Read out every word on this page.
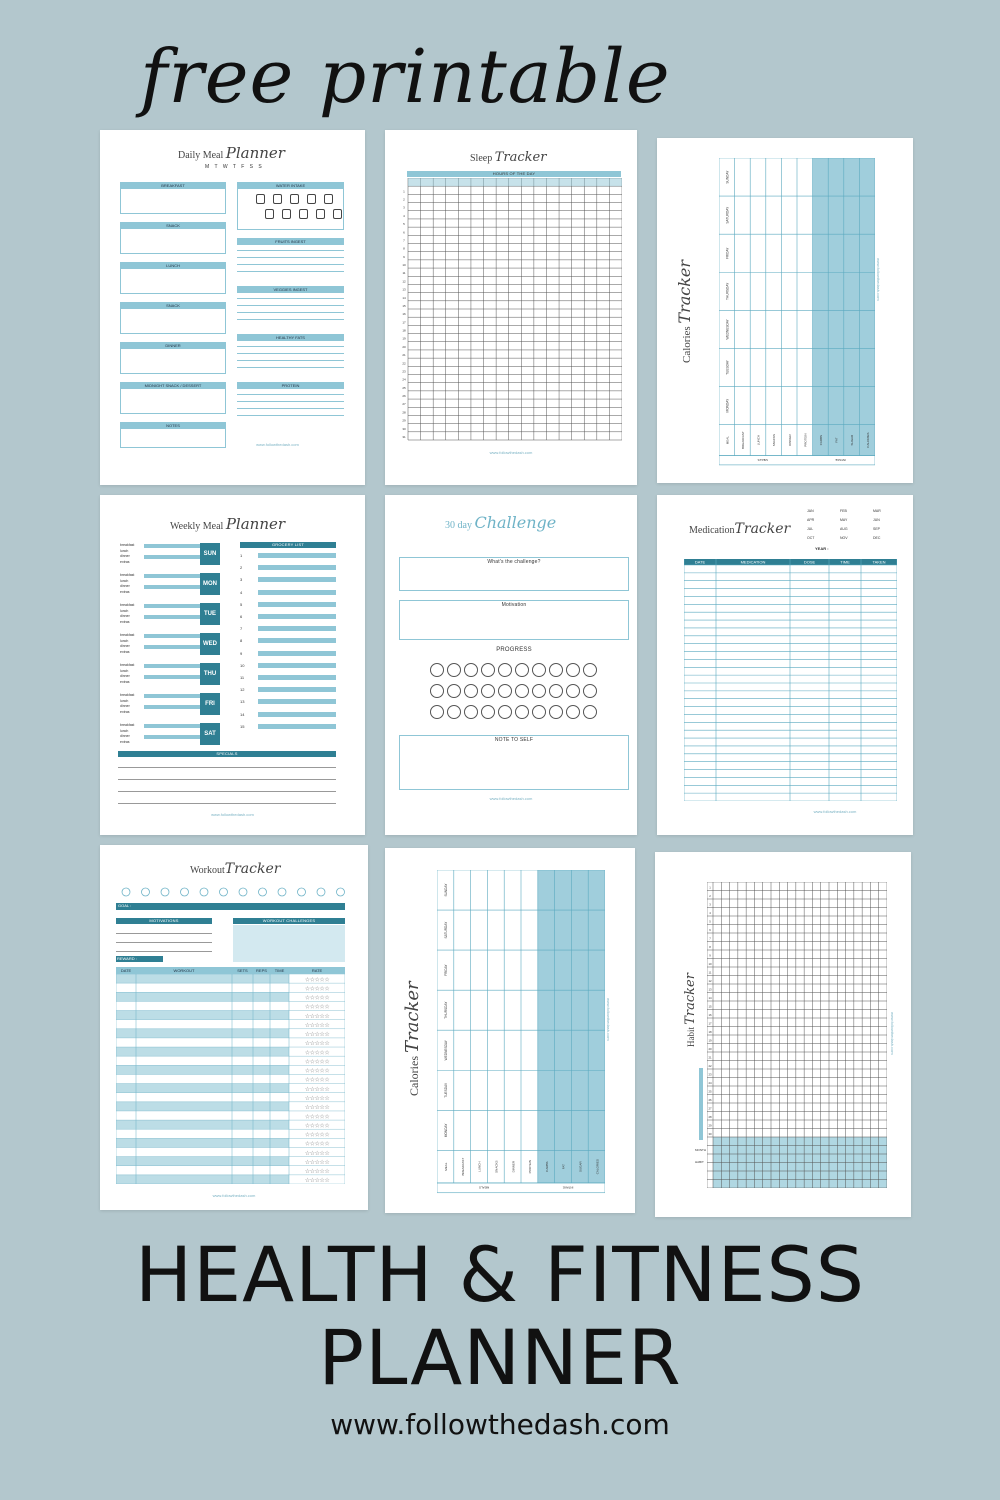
Daily Meal Planner
M T W T F S S
BREAKFAST
SNACK
LUNCH
SNACK
DINNER
MIDNIGHT SNACK / DESSERT
NOTES
WATER INTAKE
FRUITS INGEST
VEGGIES INGEST
HEALTHY FATS
PROTEIN
www.followthedash.com
Sleep Tracker
HOURS OF THE DAY
1
2
3
4
5
6
7
8
9
10
11
12
13
14
15
16
17
18
19
20
21
22
23
24
25
26
27
28
29
30
31
www.followthedash.com
Calories Tracker
SUNDAY
SATURDAY
FRIDAY
THURSDAY
WEDNESDAY
TUESDAY
MONDAY
MEAL	BREAKFAST	LUNCH	SNACKS	DINNER	PROTEIN	CARBS	FAT	SUGAR	CALORIES
MEALS	INTAKE
www.followthedash.com
Weekly Meal Planner
breakfast
lunch
dinner
extras
SUN
breakfast
lunch
dinner
extras
MON
breakfast
lunch
dinner
extras
TUE
breakfast
lunch
dinner
extras
WED
breakfast
lunch
dinner
extras
THU
breakfast
lunch
dinner
extras
FRI
breakfast
lunch
dinner
extras
SAT
GROCERY LIST
1
2
3
4
5
6
7
8
9
10
11
12
13
14
15
SPECIALS
www.followthedash.com
30 day Challenge
What's the challenge?
Motivation
PROGRESS
NOTE TO SELF
www.followthedash.com
MedicationTracker
JAN	FEB	MAR
APR	MAY	JUN
JUL	AUG	SEP
OCT	NOV	DEC
YEAR :
DATE	MEDICATION	DOSE	TIME	TAKEN
www.followthedash.com
WorkoutTracker
GOAL :
MOTIVATIONS	WORKOUT CHALLENGES
REWARD :
DATE	WORKOUT	SETS	REPS	TIME	RATE
☆☆☆☆☆
☆☆☆☆☆
☆☆☆☆☆
☆☆☆☆☆
☆☆☆☆☆
☆☆☆☆☆
☆☆☆☆☆
☆☆☆☆☆
☆☆☆☆☆
☆☆☆☆☆
☆☆☆☆☆
☆☆☆☆☆
☆☆☆☆☆
☆☆☆☆☆
☆☆☆☆☆
☆☆☆☆☆
☆☆☆☆☆
☆☆☆☆☆
☆☆☆☆☆
☆☆☆☆☆
☆☆☆☆☆
☆☆☆☆☆
☆☆☆☆☆
www.followthedash.com
Calories Tracker
SUNDAY
SATURDAY
FRIDAY
THURSDAY
WEDNESDAY
TUESDAY
MONDAY
MEAL	BREAKFAST	LUNCH	SNACKS	DINNER	PROTEIN	CARBS	FAT	SUGAR	CALORIES
MEALS	INTAKE
www.followthedash.com	Habit Tracker
MONTH
HABIT
1
2
3
4
5
6
7
8
9
10
11
12
13
14
15
16
17
18
19
20
21
22
23
24
25
26
27
28
29
30
www.followthedash.com
free printable
HEALTH & FITNESS
PLANNER
www.followthedash.com
